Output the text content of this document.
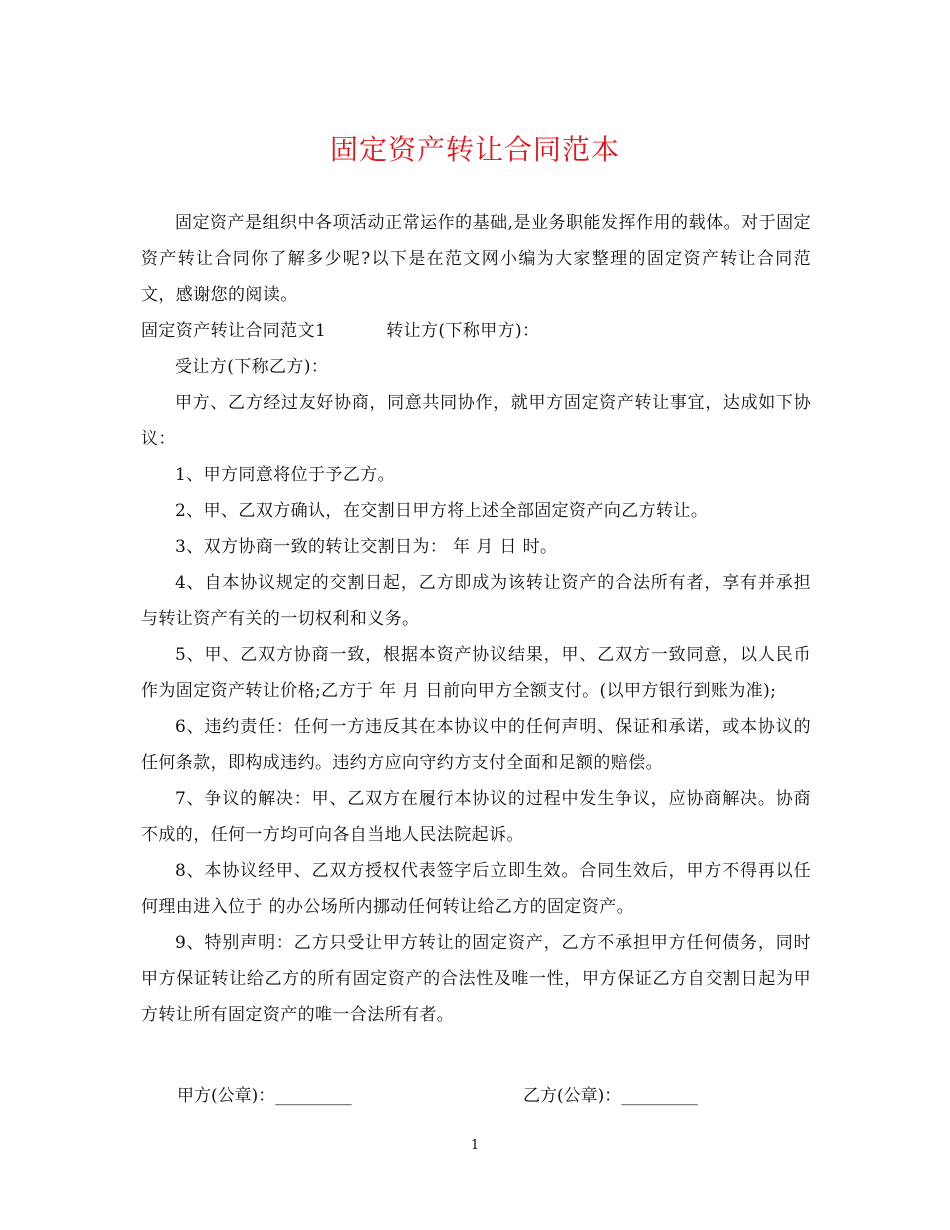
固定资产转让合同范本

固定资产是组织中各项活动正常运作的基础,是业务职能发挥作用的载体。对于固定资产转让合同你了解多少呢?以下是在范文网小编为大家整理的固定资产转让合同范文，感谢您的阅读。

固定资产转让合同范文1	转让方(下称甲方)：

受让方(下称乙方)：

甲方、乙方经过友好协商，同意共同协作，就甲方固定资产转让事宜，达成如下协议：

1、甲方同意将位于予乙方。

2、甲、乙双方确认，在交割日甲方将上述全部固定资产向乙方转让。

3、双方协商一致的转让交割日为： 年 月 日 时。

4、自本协议规定的交割日起，乙方即成为该转让资产的合法所有者，享有并承担与转让资产有关的一切权利和义务。

5、甲、乙双方协商一致，根据本资产协议结果，甲、乙双方一致同意，以人民币作为固定资产转让价格;乙方于 年 月 日前向甲方全额支付。(以甲方银行到账为准);

6、违约责任：任何一方违反其在本协议中的任何声明、保证和承诺，或本协议的任何条款，即构成违约。违约方应向守约方支付全面和足额的赔偿。

7、争议的解决：甲、乙双方在履行本协议的过程中发生争议，应协商解决。协商不成的，任何一方均可向各自当地人民法院起诉。

8、本协议经甲、乙双方授权代表签字后立即生效。合同生效后，甲方不得再以任何理由进入位于 的办公场所内挪动任何转让给乙方的固定资产。

9、特别声明：乙方只受让甲方转让的固定资产，乙方不承担甲方任何债务，同时甲方保证转让给乙方的所有固定资产的合法性及唯一性，甲方保证乙方自交割日起为甲方转让所有固定资产的唯一合法所有者。

甲方(公章)：_________	乙方(公章)：_________
1
